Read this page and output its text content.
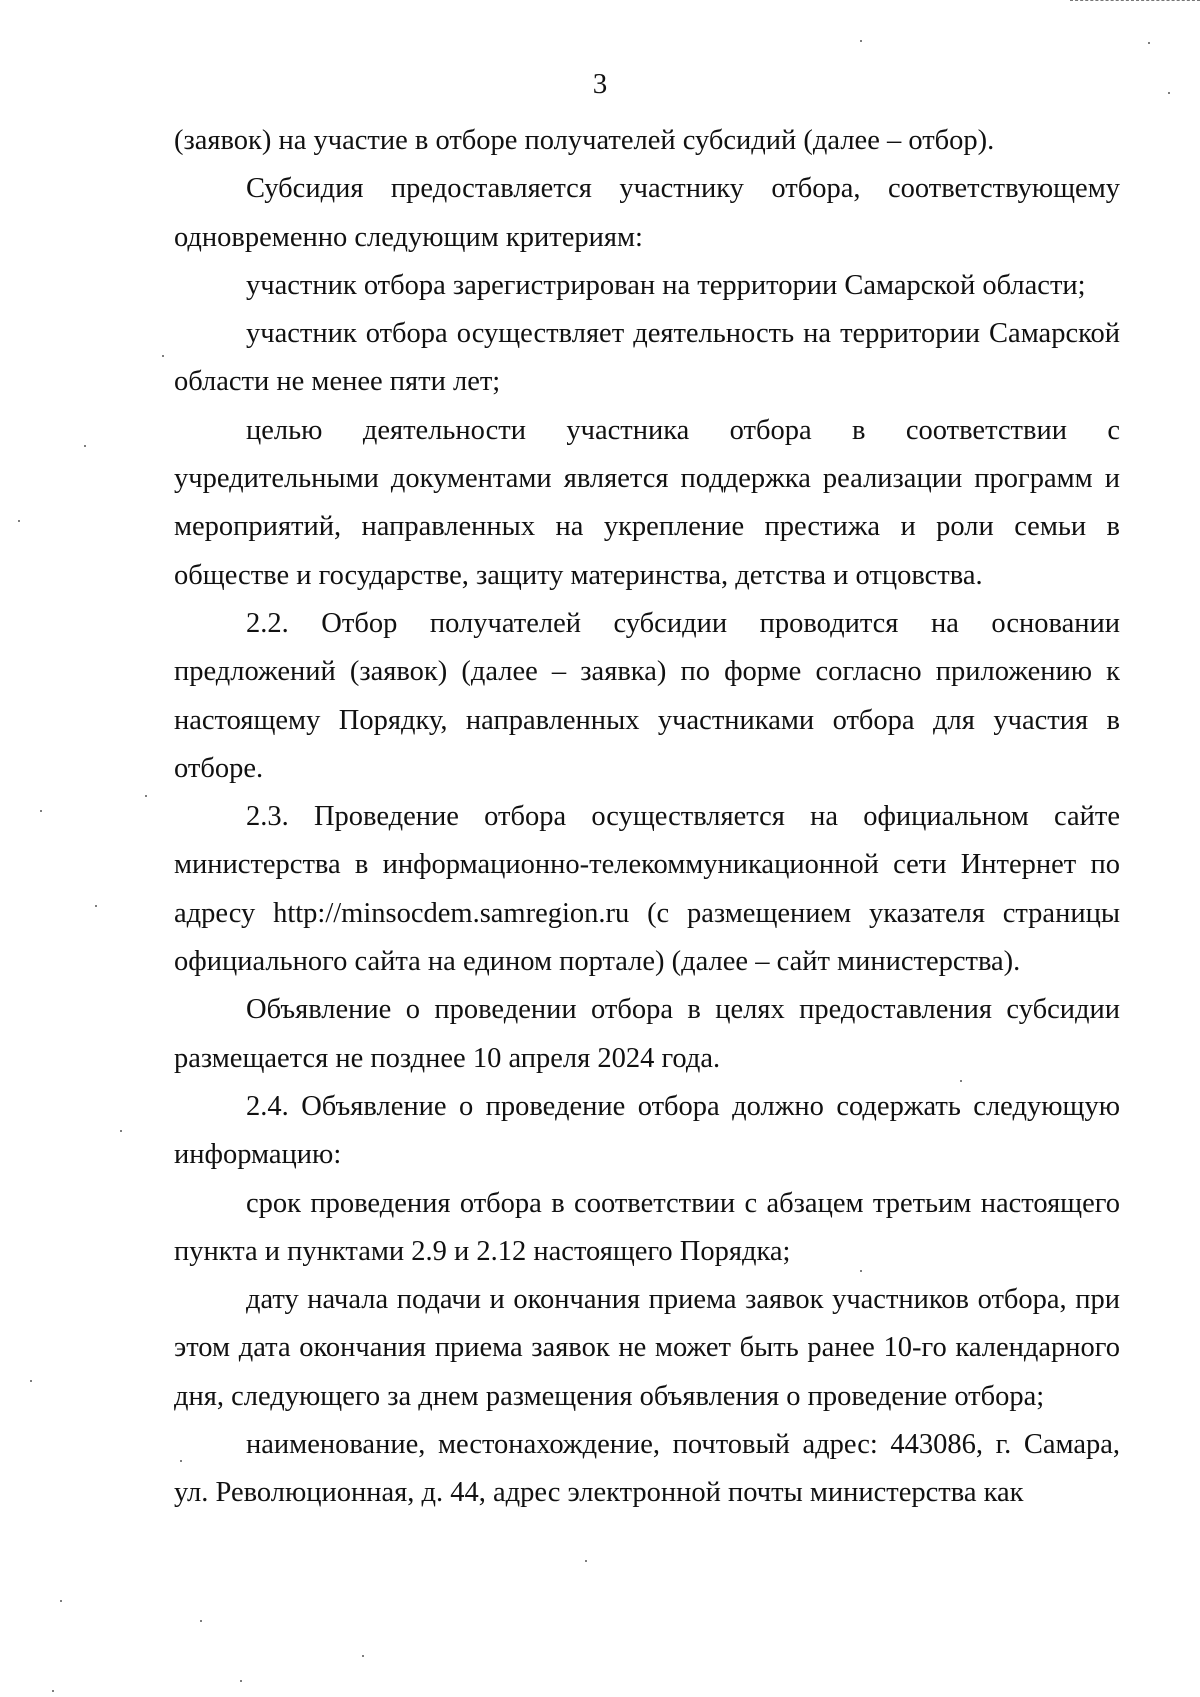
3

(заявок) на участие в отборе получателей субсидий (далее – отбор).

Субсидия предоставляется участнику отбора, соответствующему одновременно следующим критериям:

участник отбора зарегистрирован на территории Самарской области;

участник отбора осуществляет деятельность на территории Самарской области не менее пяти лет;

целью деятельности участника отбора в соответствии с учредительными документами является поддержка реализации программ и мероприятий, направленных на укрепление престижа и роли семьи в обществе и государстве, защиту материнства, детства и отцовства.

2.2. Отбор получателей субсидии проводится на основании предложений (заявок) (далее – заявка) по форме согласно приложению к настоящему Порядку, направленных участниками отбора для участия в отборе.

2.3. Проведение отбора осуществляется на официальном сайте министерства в информационно-телекоммуникационной сети Интернет по адресу http://minsocdem.samregion.ru (с размещением указателя страницы официального сайта на едином портале) (далее – сайт министерства).

Объявление о проведении отбора в целях предоставления субсидии размещается не позднее 10 апреля 2024 года.

2.4. Объявление о проведение отбора должно содержать следующую информацию:

срок проведения отбора в соответствии с абзацем третьим настоящего пункта и пунктами 2.9 и 2.12 настоящего Порядка;

дату начала подачи и окончания приема заявок участников отбора, при этом дата окончания приема заявок не может быть ранее 10-го календарного дня, следующего за днем размещения объявления о проведение отбора;

наименование, местонахождение, почтовый адрес: 443086, г. Самара, ул. Революционная, д. 44, адрес электронной почты министерства как
